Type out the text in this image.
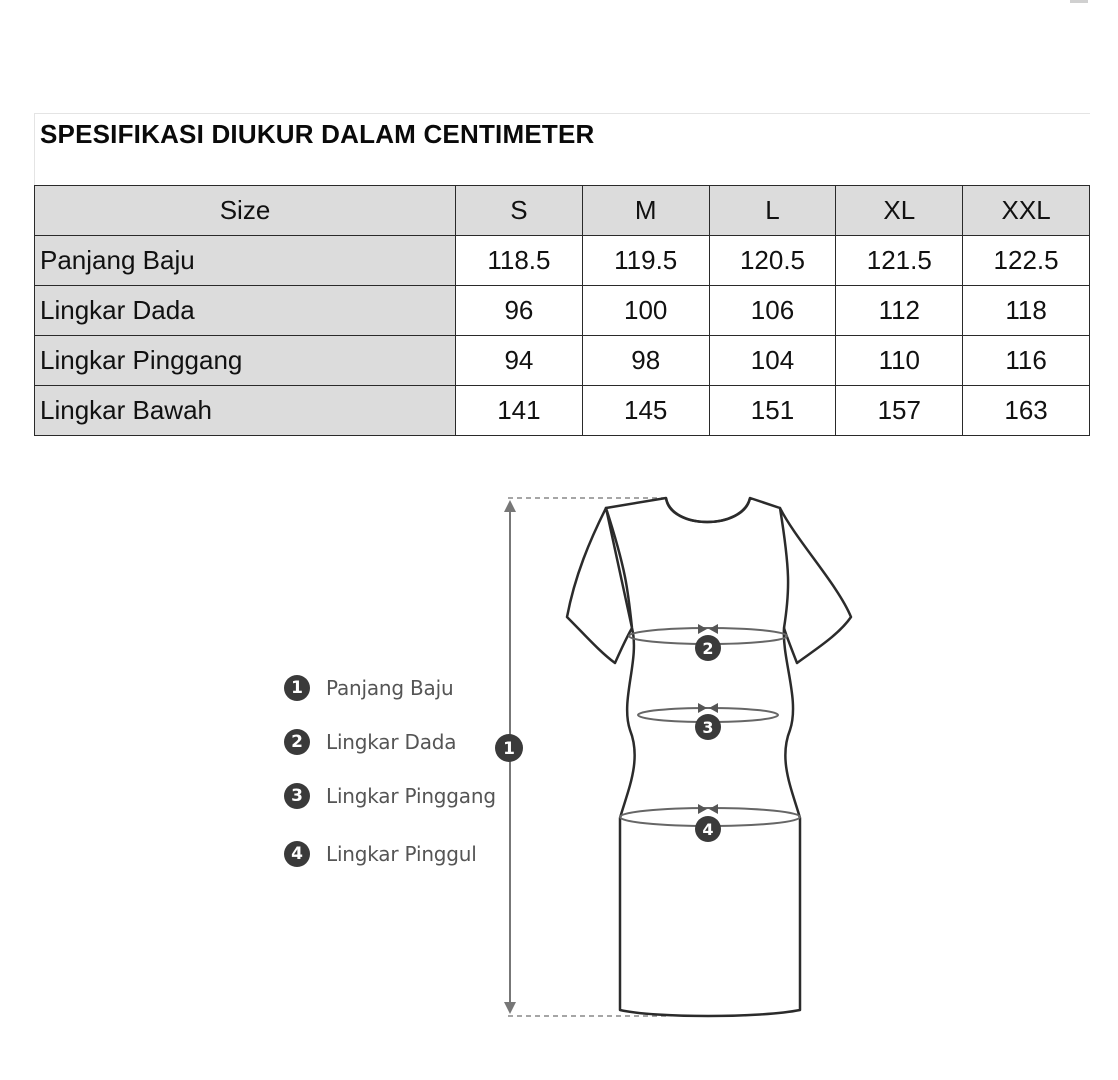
SPESIFIKASI DIUKUR DALAM CENTIMETER
Size	S	M	L	XL	XXL
Panjang Baju	118.5	119.5	120.5	121.5	122.5
Lingkar Dada	96	100	106	112	118
Lingkar Pinggang	94	98	104	110	116
Lingkar Bawah	141	145	151	157	163
1	Panjang Baju
2	Lingkar Dada
3	Lingkar Pinggang
4	Lingkar Pinggul
2
3
4
1
